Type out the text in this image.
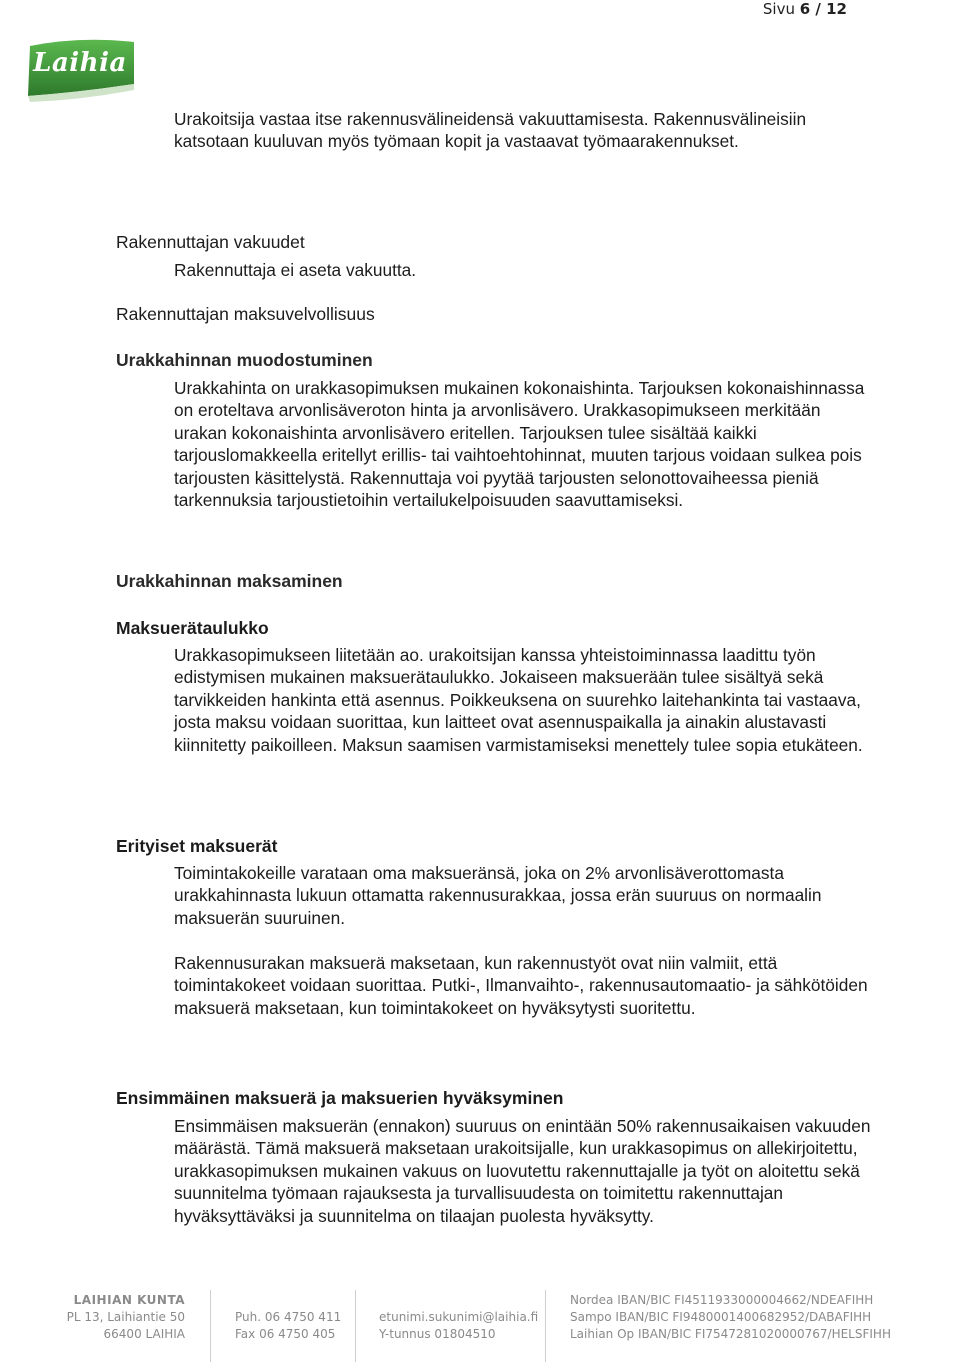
Sivu 6 / 12
Laihia

Urakoitsija vastaa itse rakennusvälineidensä vakuuttamisesta. Rakennusvälineisiin katsotaan kuuluvan myös työmaan kopit ja vastaavat työmaarakennukset.

Rakennuttajan vakuudet

Rakennuttaja ei aseta vakuutta.

Rakennuttajan maksuvelvollisuus
Urakkahinnan muodostuminen

Urakkahinta on urakkasopimuksen mukainen kokonaishinta. Tarjouksen kokonaishinnassa on eroteltava arvonlisäveroton hinta ja arvonlisävero. Urakkasopimukseen merkitään urakan kokonaishinta arvonlisävero eritellen. Tarjouksen tulee sisältää kaikki tarjouslomakkeella eritellyt erillis- tai vaihtoehtohinnat, muuten tarjous voidaan sulkea pois tarjousten käsittelystä. Rakennuttaja voi pyytää tarjousten selonottovaiheessa pieniä tarkennuksia tarjoustietoihin vertailukelpoisuuden saavuttamiseksi.

Urakkahinnan maksaminen
Maksuerätaulukko

Urakkasopimukseen liitetään ao. urakoitsijan kanssa yhteistoiminnassa laadittu työn edistymisen mukainen maksuerätaulukko. Jokaiseen maksuerään tulee sisältyä sekä tarvikkeiden hankinta että asennus. Poikkeuksena on suurehko laitehankinta tai vastaava, josta maksu voidaan suorittaa, kun laitteet ovat asennuspaikalla ja ainakin alustavasti kiinnitetty paikoilleen. Maksun saamisen varmistamiseksi menettely tulee sopia etukäteen.

Erityiset maksuerät

Toimintakokeille varataan oma maksueränsä, joka on 2% arvonlisäverottomasta urakkahinnasta lukuun ottamatta rakennusurakkaa, jossa erän suuruus on normaalin maksuerän suuruinen.

Rakennusurakan maksuerä maksetaan, kun rakennustyöt ovat niin valmiit, että toimintakokeet voidaan suorittaa. Putki-, Ilmanvaihto-, rakennusautomaatio- ja sähkötöiden maksuerä maksetaan, kun toimintakokeet on hyväksytysti suoritettu.

Ensimmäinen maksuerä ja maksuerien hyväksyminen

Ensimmäisen maksuerän (ennakon) suuruus on enintään 50% rakennusaikaisen vakuuden määrästä. Tämä maksuerä maksetaan urakoitsijalle, kun urakkasopimus on allekirjoitettu, urakkasopimuksen mukainen vakuus on luovutettu rakennuttajalle ja työt on aloitettu sekä suunnitelma työmaan rajauksesta ja turvallisuudesta on toimitettu rakennuttajan hyväksyttäväksi ja suunnitelma on tilaajan puolesta hyväksytty.

LAIHIAN KUNTA
PL 13, Laihiantie 50
66400 LAIHIA
Puh. 06 4750 411
Fax 06 4750 405
etunimi.sukunimi@laihia.fi
Y-tunnus 01804510
Nordea IBAN/BIC FI4511933000004662/NDEAFIHH
Sampo IBAN/BIC FI9480001400682952/DABAFIHH
Laihian Op IBAN/BIC FI7547281020000767/HELSFIHH
